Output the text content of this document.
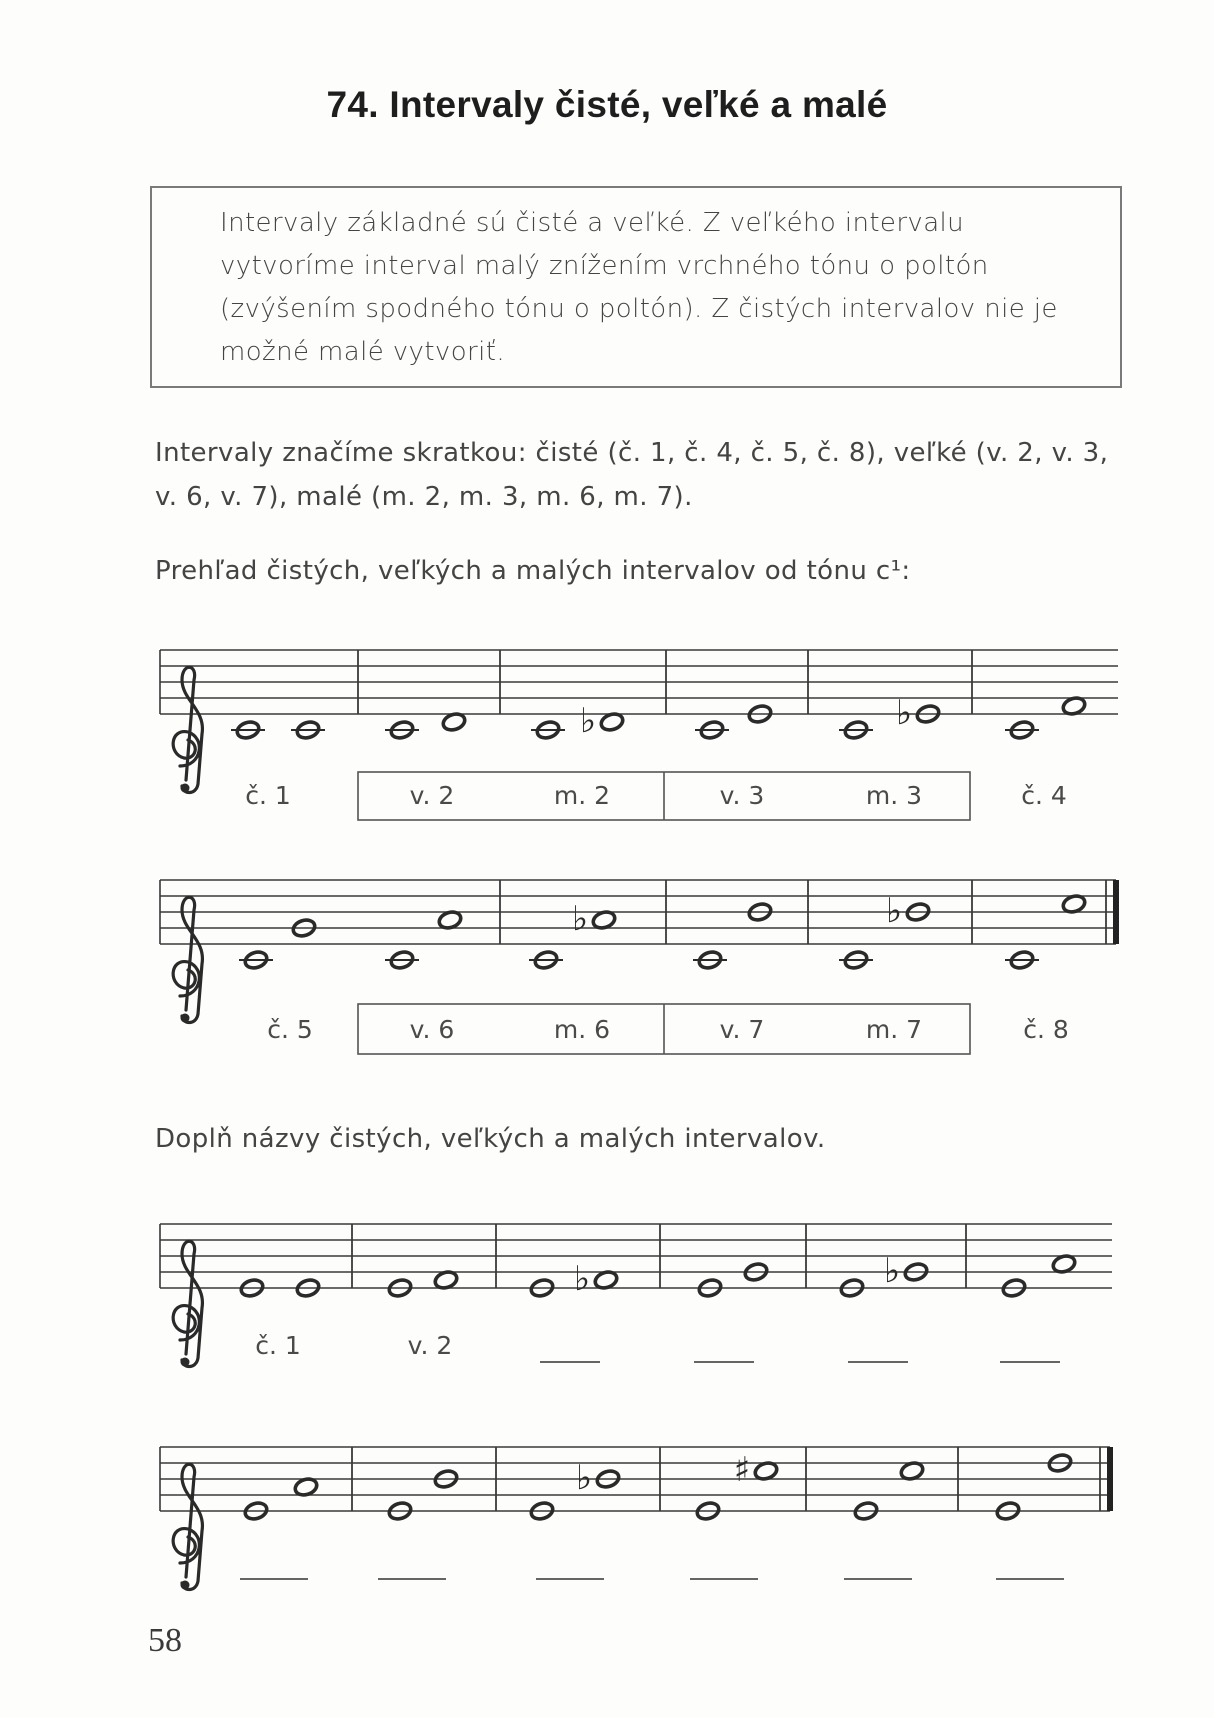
74. Intervaly čisté, veľké a malé

Intervaly základné sú čisté a veľké. Z veľkého intervalu vytvoríme interval malý znížením vrchného tónu o poltón (zvýšením spodného tónu o poltón). Z čistých intervalov nie je možné malé vytvoriť.

Intervaly značíme skratkou: čisté (č. 1, č. 4, č. 5, č. 8), veľké (v. 2, v. 3, v. 6, v. 7), malé (m. 2, m. 3, m. 6, m. 7).
Prehľad čistých, veľkých a malých intervalov od tónu c¹:
Doplň názvy čistých, veľkých a malých intervalov.
♭	♭
č. 1	v. 2	m. 2	v. 3	m. 3	č. 4
♭	♭
č. 5	v. 6	m. 6	v. 7	m. 7	č. 8
♭	♭
č. 1	v. 2
♭	♯
58
